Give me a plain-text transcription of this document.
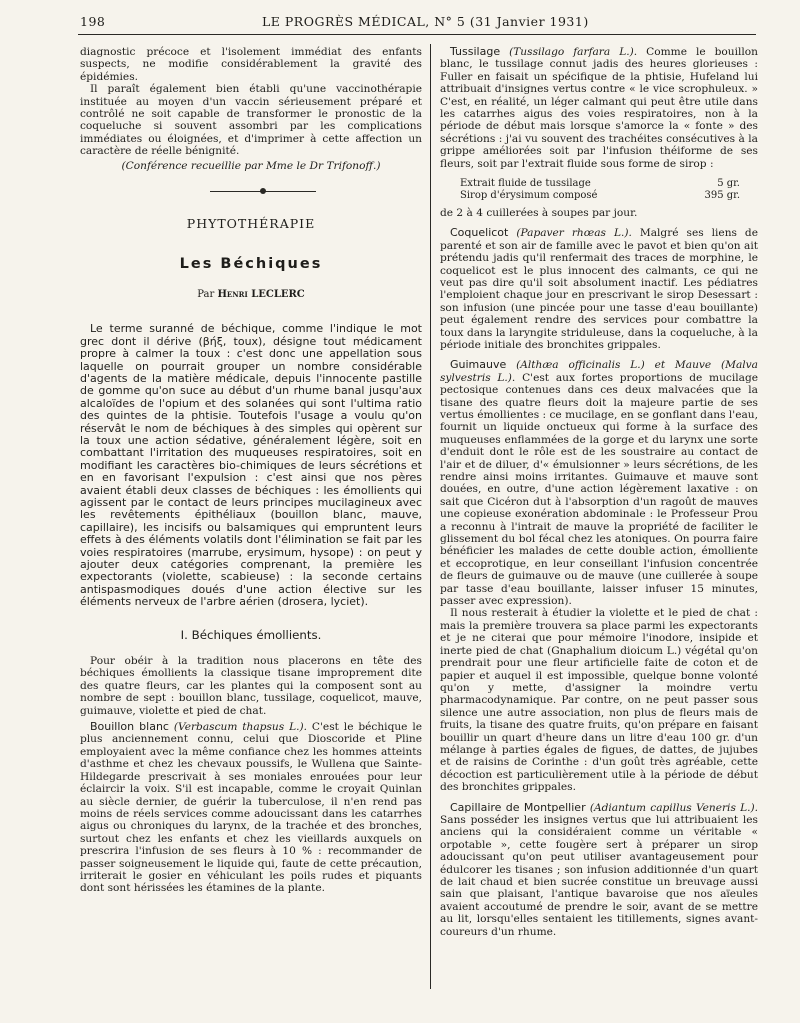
198	LE PROGRÈS MÉDICAL, N° 5 (31 Janvier 1931)

diagnostic précoce et l'isolement immédiat des enfants suspects, ne modifie considérablement la gravité des épidémies.

Il paraît également bien établi qu'une vaccinothérapie instituée au moyen d'un vaccin sérieusement préparé et contrôlé ne soit capable de transformer le pronostic de la coqueluche si souvent assombri par les complications immédiates ou éloignées, et d'imprimer à cette affection un caractère de réelle bénignité.

(Conférence recueillie par Mme le Dr Trifonoff.)

PHYTOTHÉRAPIE
Les Béchiques
Par Henri LECLERC

Le terme suranné de béchique, comme l'indique le mot grec dont il dérive (βήξ, toux), désigne tout médicament propre à calmer la toux : c'est donc une appellation sous laquelle on pourrait grouper un nombre considérable d'agents de la matière médicale, depuis l'innocente pastille de gomme qu'on suce au début d'un rhume banal jusqu'aux alcaloïdes de l'opium et des solanées qui sont l'ultima ratio des quintes de la phtisie. Toutefois l'usage a voulu qu'on réservât le nom de béchiques à des simples qui opèrent sur la toux une action sédative, généralement légère, soit en combattant l'irritation des muqueuses respiratoires, soit en modifiant les caractères bio-chimiques de leurs sécrétions et en en favorisant l'expulsion : c'est ainsi que nos pères avaient établi deux classes de béchiques : les émollients qui agissent par le contact de leurs principes mucilagineux avec les revêtements épithéliaux (bouillon blanc, mauve, capillaire), les incisifs ou balsamiques qui empruntent leurs effets à des éléments volatils dont l'élimination se fait par les voies respiratoires (marrube, erysimum, hysope) : on peut y ajouter deux catégories comprenant, la première les expectorants (violette, scabieuse) : la seconde certains antispasmodiques doués d'une action élective sur les éléments nerveux de l'arbre aérien (drosera, lyciet).

I. Béchiques émollients.

Pour obéir à la tradition nous placerons en tête des béchiques émollients la classique tisane improprement dite des quatre fleurs, car les plantes qui la composent sont au nombre de sept : bouillon blanc, tussilage, coquelicot, mauve, guimauve, violette et pied de chat.

Bouillon blanc (Verbascum thapsus L.). C'est le béchique le plus anciennement connu, celui que Dioscoride et Pline employaient avec la même confiance chez les hommes atteints d'asthme et chez les chevaux poussifs, le Wullena que Sainte-Hildegarde prescrivait à ses moniales enrouées pour leur éclaircir la voix. S'il est incapable, comme le croyait Quinlan au siècle dernier, de guérir la tuberculose, il n'en rend pas moins de réels services comme adoucissant dans les catarrhes aigus ou chroniques du larynx, de la trachée et des bronches, surtout chez les enfants et chez les vieillards auxquels on prescrira l'infusion de ses fleurs à 10 % : recommander de passer soigneusement le liquide qui, faute de cette précaution, irriterait le gosier en véhiculant les poils rudes et piquants dont sont hérissées les étamines de la plante.

Tussilage (Tussilago farfara L.). Comme le bouillon blanc, le tussilage connut jadis des heures glorieuses : Fuller en faisait un spécifique de la phtisie, Hufeland lui attribuait d'insignes vertus contre « le vice scrophuleux. » C'est, en réalité, un léger calmant qui peut être utile dans les catarrhes aigus des voies respiratoires, non à la période de début mais lorsque s'amorce la « fonte » des sécrétions : j'ai vu souvent des trachéites consécutives à la grippe améliorées soit par l'infusion théiforme de ses fleurs, soit par l'extrait fluide sous forme de sirop :

Extrait fluide de tussilage	5 gr.
Sirop d'érysimum composé	395 gr.

de 2 à 4 cuillerées à soupes par jour.

Coquelicot (Papaver rhœas L.). Malgré ses liens de parenté et son air de famille avec le pavot et bien qu'on ait prétendu jadis qu'il renfermait des traces de morphine, le coquelicot est le plus innocent des calmants, ce qui ne veut pas dire qu'il soit absolument inactif. Les pédiatres l'emploient chaque jour en prescrivant le sirop Desessart : son infusion (une pincée pour une tasse d'eau bouillante) peut également rendre des services pour combattre la toux dans la laryngite striduleuse, dans la coqueluche, à la période initiale des bronchites grippales.

Guimauve (Althæa officinalis L.) et Mauve (Malva sylvestris L.). C'est aux fortes proportions de mucilage pectosique contenues dans ces deux malvacées que la tisane des quatre fleurs doit la majeure partie de ses vertus émollientes : ce mucilage, en se gonflant dans l'eau, fournit un liquide onctueux qui forme à la surface des muqueuses enflammées de la gorge et du larynx une sorte d'enduit dont le rôle est de les soustraire au contact de l'air et de diluer, d'« émulsionner » leurs sécrétions, de les rendre ainsi moins irritantes. Guimauve et mauve sont douées, en outre, d'une action légèrement laxative : on sait que Cicéron dut à l'absorption d'un ragoût de mauves une copieuse exonération abdominale : le Professeur Prou a reconnu à l'intrait de mauve la propriété de faciliter le glissement du bol fécal chez les atoniques. On pourra faire bénéficier les malades de cette double action, émolliente et eccoprotique, en leur conseillant l'infusion concentrée de fleurs de guimauve ou de mauve (une cuillerée à soupe par tasse d'eau bouillante, laisser infuser 15 minutes, passer avec expression).

Il nous resterait à étudier la violette et le pied de chat : mais la première trouvera sa place parmi les expectorants et je ne citerai que pour mémoire l'inodore, insipide et inerte pied de chat (Gnaphalium dioicum L.) végétal qu'on prendrait pour une fleur artificielle faite de coton et de papier et auquel il est impossible, quelque bonne volonté qu'on y mette, d'assigner la moindre vertu pharmacodynamique. Par contre, on ne peut passer sous silence une autre association, non plus de fleurs mais de fruits, la tisane des quatre fruits, qu'on prépare en faisant bouillir un quart d'heure dans un litre d'eau 100 gr. d'un mélange à parties égales de figues, de dattes, de jujubes et de raisins de Corinthe : d'un goût très agréable, cette décoction est particulièrement utile à la période de début des bronchites grippales.

Capillaire de Montpellier (Adiantum capillus Veneris L.). Sans posséder les insignes vertus que lui attribuaient les anciens qui la considéraient comme un véritable « orpotable », cette fougère sert à préparer un sirop adoucissant qu'on peut utiliser avantageusement pour édulcorer les tisanes ; son infusion additionnée d'un quart de lait chaud et bien sucrée constitue un breuvage aussi sain que plaisant, l'antique bavaroise que nos aïeules avaient accoutumé de prendre le soir, avant de se mettre au lit, lorsqu'elles sentaient les titillements, signes avant-coureurs d'un rhume.
